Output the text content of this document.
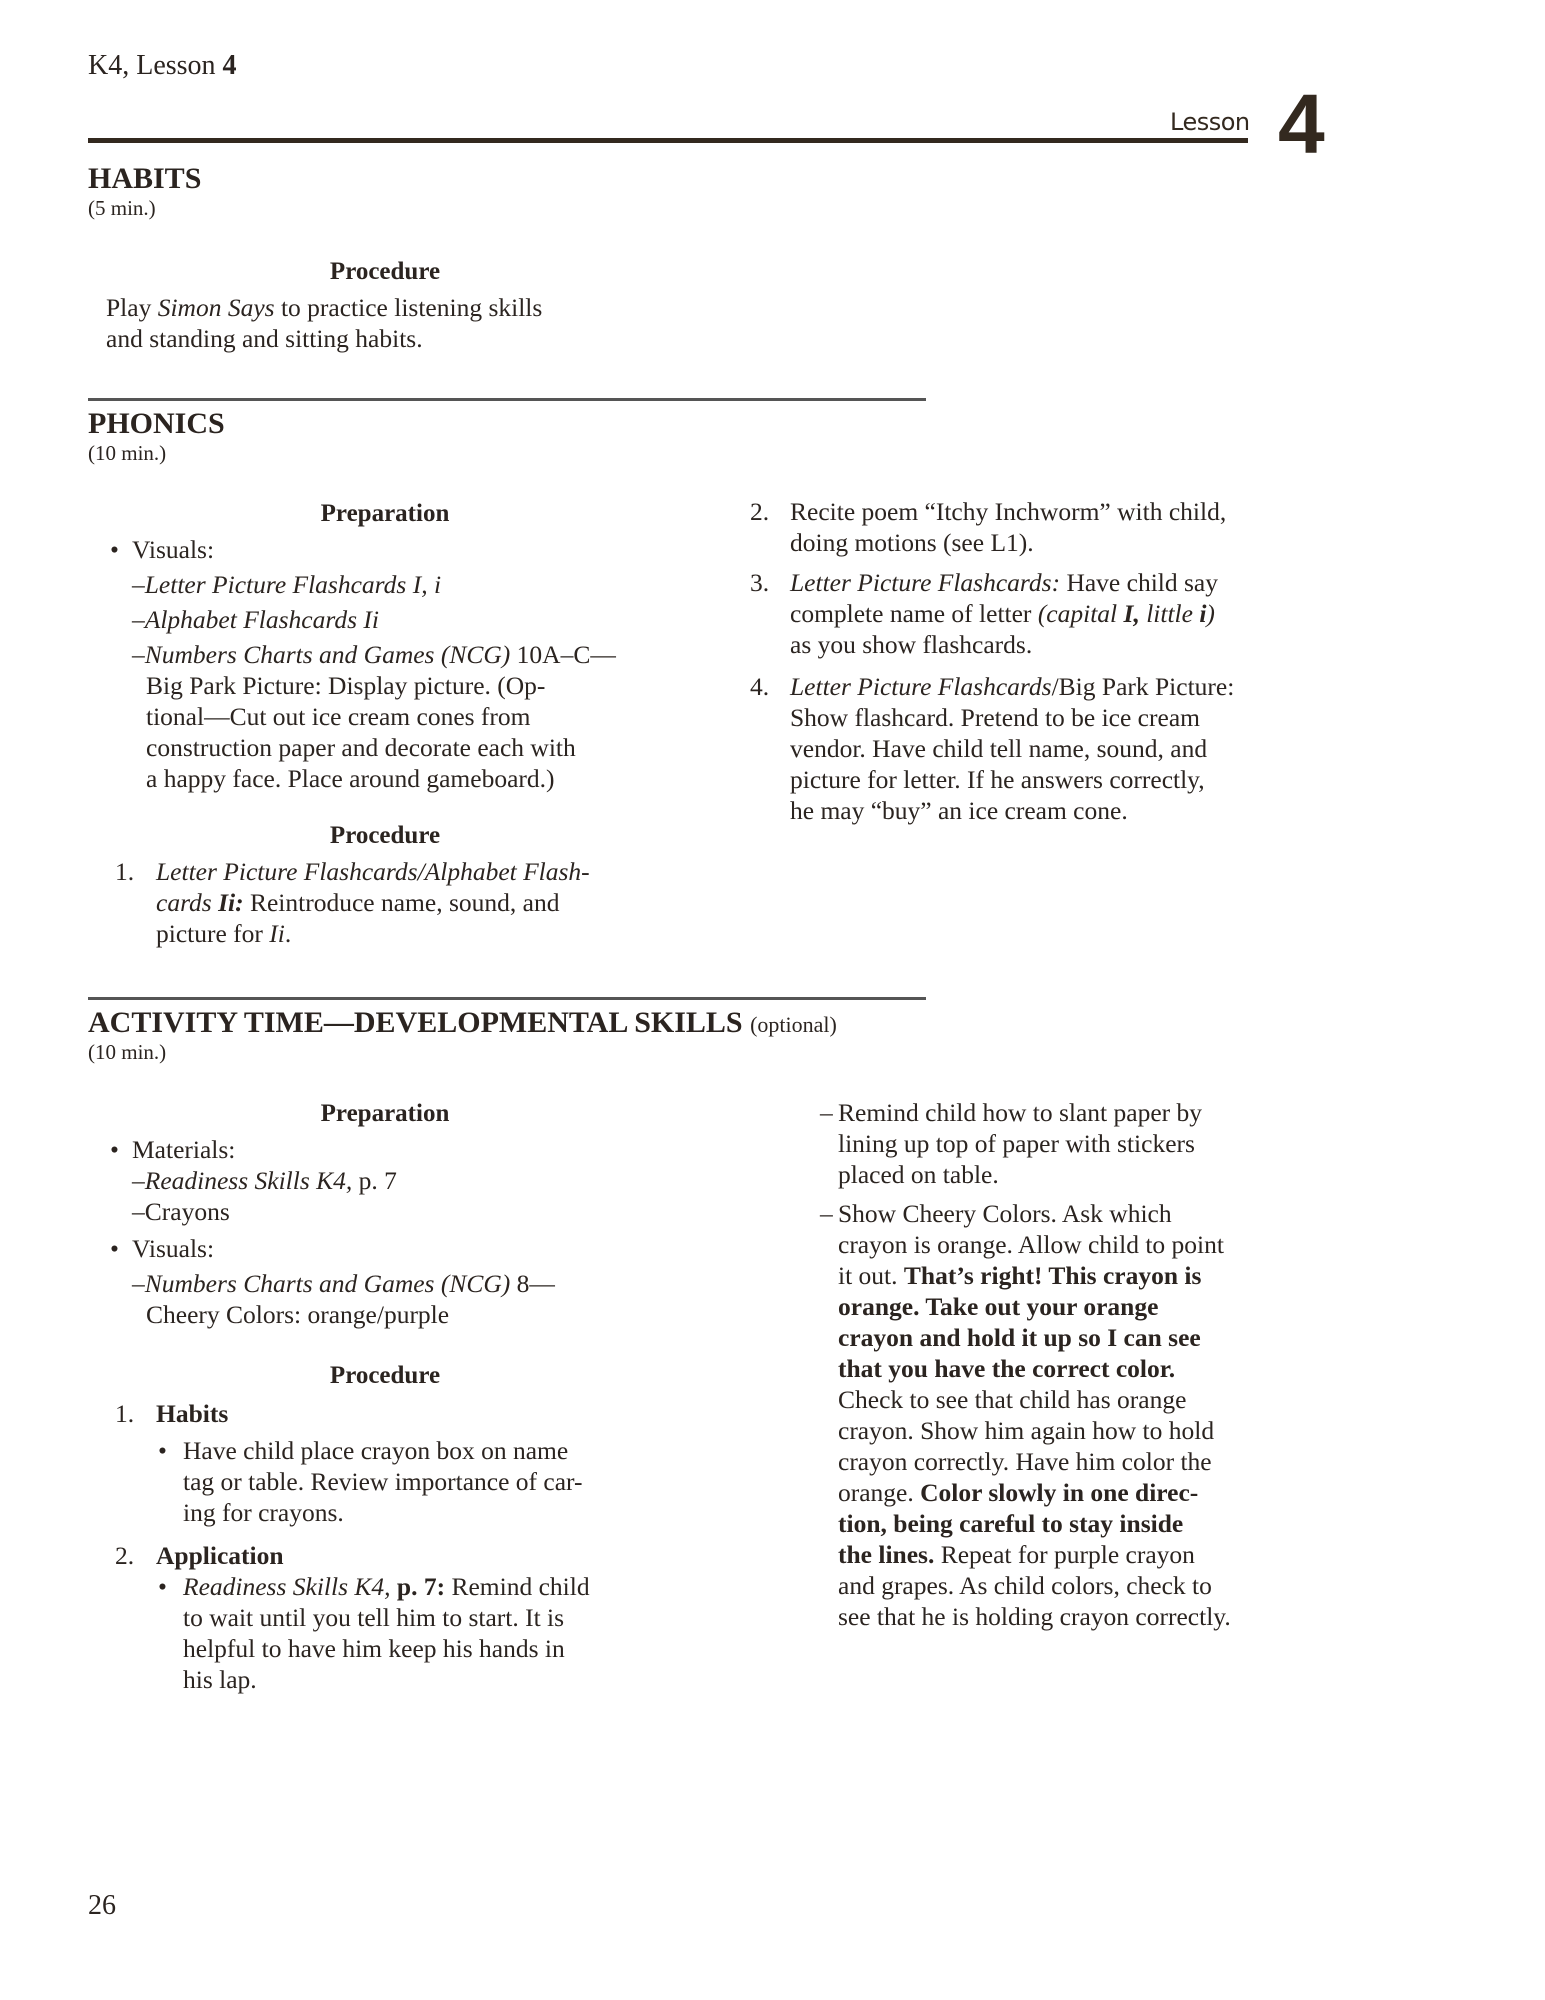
K4, Lesson 4
Lesson 4
HABITS
(5 min.)
Procedure
Play Simon Says to practice listening skills
and standing and sitting habits.
PHONICS
(10 min.)
Preparation
• Visuals:
–Letter Picture Flashcards I, i
–Alphabet Flashcards Ii
–Numbers Charts and Games (NCG) 10A–C—
Big Park Picture: Display picture. (Op-
tional—Cut out ice cream cones from
construction paper and decorate each with
a happy face. Place around gameboard.)
Procedure
1. Letter Picture Flashcards/Alphabet Flash-
cards Ii: Reintroduce name, sound, and
picture for Ii.
2. Recite poem “Itchy Inchworm” with child,
doing motions (see L1).
3. Letter Picture Flashcards: Have child say
complete name of letter (capital I, little i)
as you show flashcards.
4. Letter Picture Flashcards/Big Park Picture:
Show flashcard. Pretend to be ice cream
vendor. Have child tell name, sound, and
picture for letter. If he answers correctly,
he may “buy” an ice cream cone.
ACTIVITY TIME—DEVELOPMENTAL SKILLS (optional)
(10 min.)
Preparation
• Materials:
–Readiness Skills K4, p. 7
–Crayons
• Visuals:
–Numbers Charts and Games (NCG) 8—
Cheery Colors: orange/purple
Procedure
1. Habits
• Have child place crayon box on name
tag or table. Review importance of car-
ing for crayons.
2. Application
• Readiness Skills K4, p. 7: Remind child
to wait until you tell him to start. It is
helpful to have him keep his hands in
his lap.
– Remind child how to slant paper by
lining up top of paper with stickers
placed on table.
– Show Cheery Colors. Ask which
crayon is orange. Allow child to point
it out. That’s right! This crayon is
orange. Take out your orange
crayon and hold it up so I can see
that you have the correct color.
Check to see that child has orange
crayon. Show him again how to hold
crayon correctly. Have him color the
orange. Color slowly in one direc-
tion, being careful to stay inside
the lines. Repeat for purple crayon
and grapes. As child colors, check to
see that he is holding crayon correctly.
26
